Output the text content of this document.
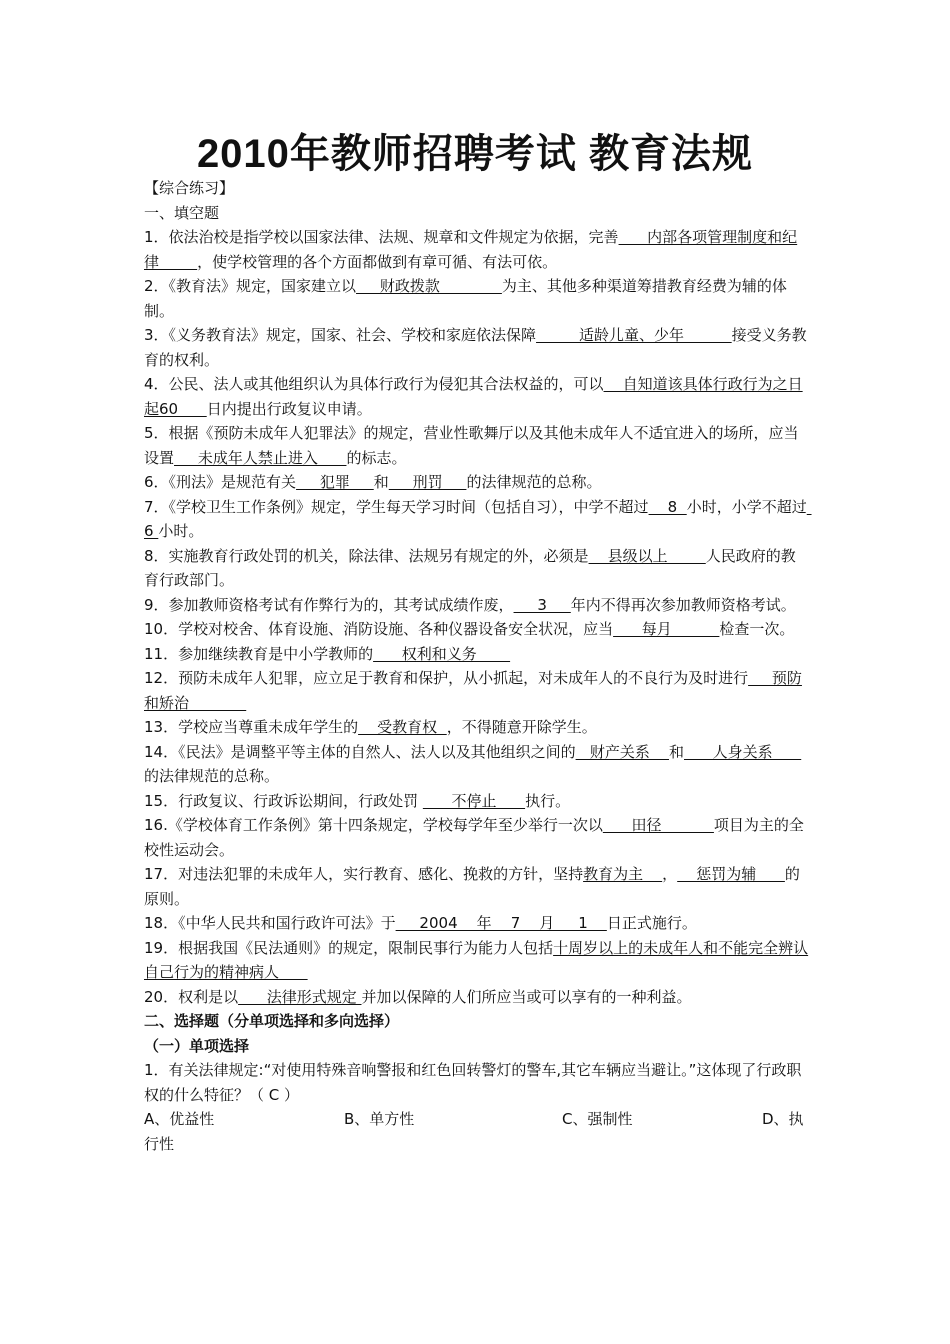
2010年教师招聘考试 教育法规
【综合练习】
一、填空题
1．依法治校是指学校以国家法律、法规、规章和文件规定为依据，完善      内部各项管理制度和纪律        ，使学校管理的各个方面都做到有章可循、有法可依。
2．《教育法》规定，国家建立以     财政拨款             为主、其他多种渠道筹措教育经费为辅的体制。
3．《义务教育法》规定，国家、社会、学校和家庭依法保障         适龄儿童、少年          接受义务教育的权利。
4．公民、法人或其他组织认为具体行政行为侵犯其合法权益的，可以    自知道该具体行政行为之日起60      日内提出行政复议申请。
5．根据《预防未成年人犯罪法》的规定，营业性歌舞厅以及其他未成年人不适宜进入的场所，应当设置     未成年人禁止进入      的标志。
6．《刑法》是规范有关     犯罪     和     刑罚     的法律规范的总称。
7．《学校卫生工作条例》规定，学生每天学习时间（包括自习），中学不超过    8  小时，小学不超过  6 小时。
8．实施教育行政处罚的机关，除法律、法规另有规定的外，必须是    县级以上        人民政府的教育行政部门。
9．参加教师资格考试有作弊行为的，其考试成绩作废，     3     年内不得再次参加教师资格考试。
10．学校对校舍、体育设施、消防设施、各种仪器设备安全状况，应当      每月          检查一次。
11．参加继续教育是中小学教师的      权利和义务
12．预防未成年人犯罪，应立足于教育和保护，从小抓起，对未成年人的不良行为及时进行     预防和矫治
13．学校应当尊重未成年学生的    受教育权  ，不得随意开除学生。
14．《民法》是调整平等主体的自然人、法人以及其他组织之间的   财产关系    和      人身关系      的法律规范的总称。
15．行政复议、行政诉讼期间，行政处罚       不停止      执行。
16.《学校体育工作条例》第十四条规定，学校每学年至少举行一次以      田径           项目为主的全校性运动会。
17．对违法犯罪的未成年人，实行教育、感化、挽救的方针，坚持教育为主    ，    惩罚为辅      的原则。
18．《中华人民共和国行政许可法》于     2004    年    7    月     1    日正式施行。
19．根据我国《民法通则》的规定，限制民事行为能力人包括十周岁以上的未成年人和不能完全辨认自己行为的精神病人
20．权利是以      法律形式规定 并加以保障的人们所应当或可以享有的一种利益。
二、选择题（分单项选择和多向选择）
（一）单项选择
1．有关法律规定:“对使用特殊音响警报和红色回转警灯的警车,其它车辆应当避让。”这体现了行政职权的什么特征？（ C ）
A、优益性	B、单方性	C、强制性	D、执
行性
